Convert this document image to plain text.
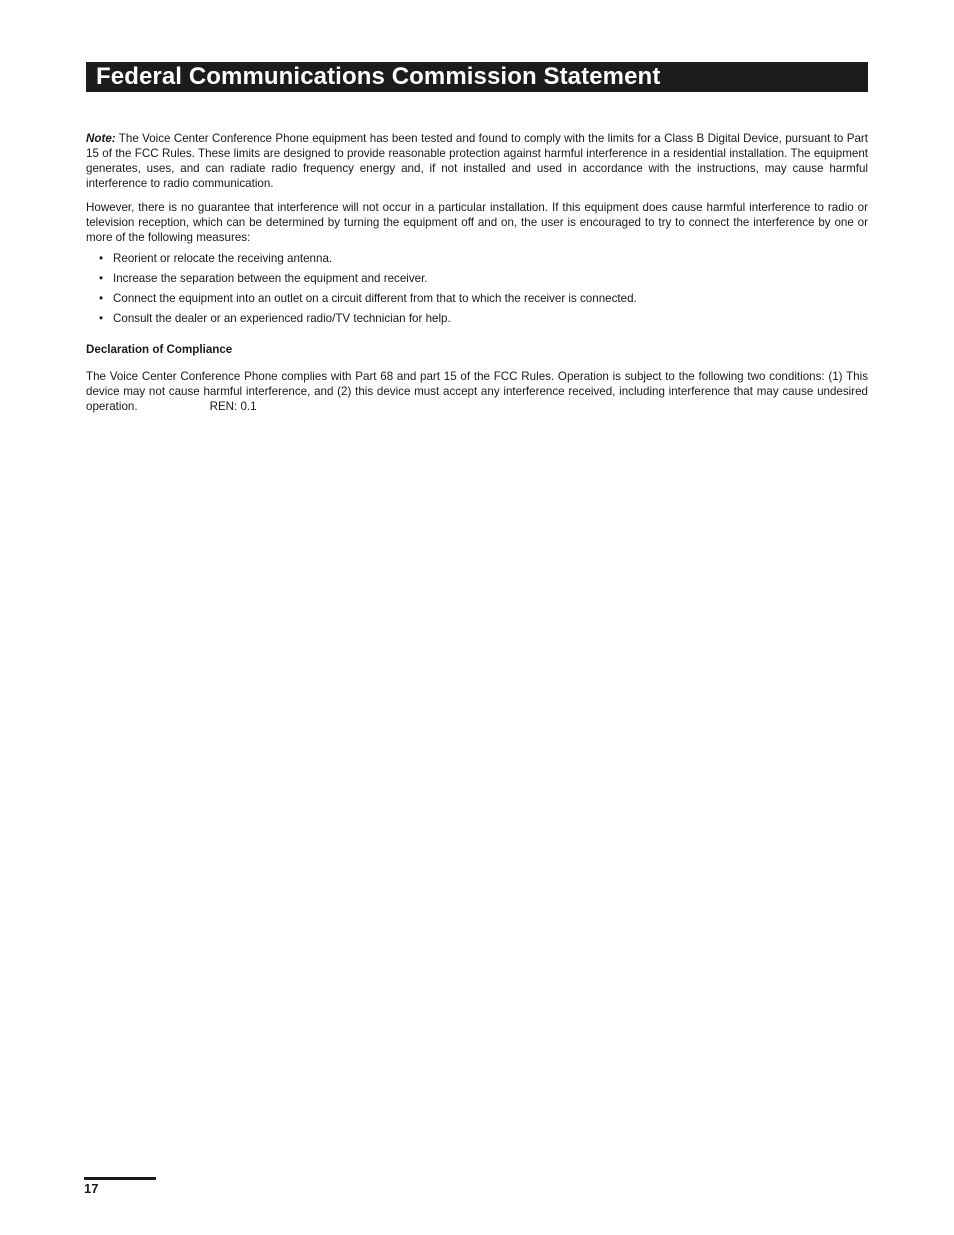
Federal Communications Commission Statement

Note: The Voice Center Conference Phone equipment has been tested and found to comply with the limits for a Class B Digital Device, pursuant to Part 15 of the FCC Rules. These limits are designed to provide reasonable protection against harmful interference in a residential installation. The equipment generates, uses, and can radiate radio frequency energy and, if not installed and used in accordance with the instructions, may cause harmful interference to radio communication.

However, there is no guarantee that interference will not occur in a particular installation. If this equipment does cause harmful interference to radio or television reception, which can be determined by turning the equipment off and on, the user is encouraged to try to connect the interference by one or more of the following measures:

• Reorient or relocate the receiving antenna.
• Increase the separation between the equipment and receiver.
• Connect the equipment into an outlet on a circuit different from that to which the receiver is connected.
• Consult the dealer or an experienced radio/TV technician for help.

Declaration of Compliance

The Voice Center Conference Phone complies with Part 68 and part 15 of the FCC Rules. Operation is subject to the following two conditions: (1) This device may not cause harmful interference, and (2) this device must accept any interference received, including interference that may cause undesired operation.	REN: 0.1

17
